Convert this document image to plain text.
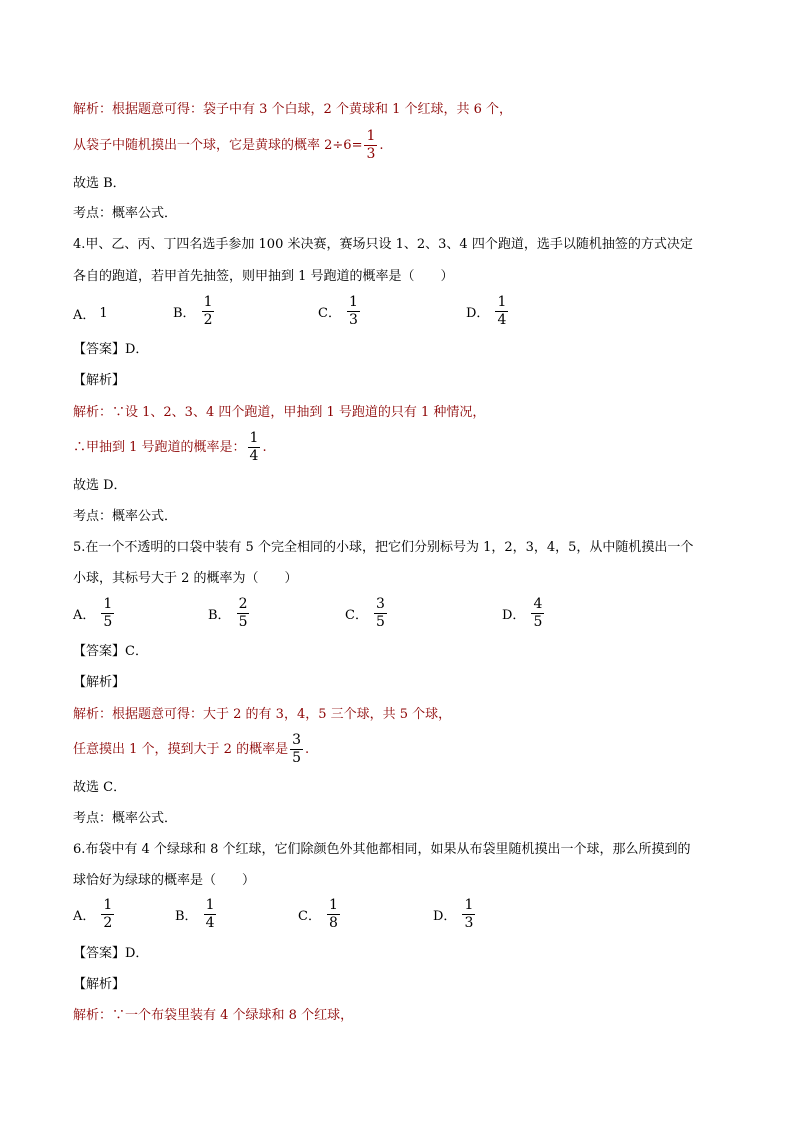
解析：根据题意可得：袋子中有 3 个白球，2 个黄球和 1 个红球，共 6 个，
从袋子中随机摸出一个球，它是黄球的概率 $2\div 6= \frac{1}{3}$ .
故选 B．
考点：概率公式．
4.甲、乙、丙、丁四名选手参加 100 米决赛，赛场只设 1、2、3、4 四个跑道，选手以随机抽签的方式决定
各自的跑道，若甲首先抽签，则甲抽到 1 号跑道的概率是（　　）
A． 1	B． $\frac{1}{2}$	C． $\frac{1}{3}$	D． $\frac{1}{4}$
【答案】D．
【解析】
解析：∵设 1、2、3、4 四个跑道，甲抽到 1 号跑道的只有 1 种情况，
∴甲抽到 1 号跑道的概率是： $\frac{1}{4}$ .
故选 D．
考点：概率公式．
5.在一个不透明的口袋中装有 5 个完全相同的小球，把它们分别标号为 1，2，3，4，5，从中随机摸出一个
小球，其标号大于 2 的概率为（　　）
A． $\frac{1}{5}$	B． $\frac{2}{5}$	C． $\frac{3}{5}$	D． $\frac{4}{5}$
【答案】C．
【解析】
解析：根据题意可得：大于 2 的有 3，4，5 三个球，共 5 个球，
任意摸出 1 个，摸到大于 2 的概率是 $\frac{3}{5}$ .
故选 C．
考点：概率公式．
6.布袋中有 4 个绿球和 8 个红球，它们除颜色外其他都相同，如果从布袋里随机摸出一个球，那么所摸到的
球恰好为绿球的概率是（　　）
A． $\frac{1}{2}$	B． $\frac{1}{4}$	C． $\frac{1}{8}$	D． $\frac{1}{3}$
【答案】D．
【解析】
解析：∵一个布袋里装有 4 个绿球和 8 个红球，
